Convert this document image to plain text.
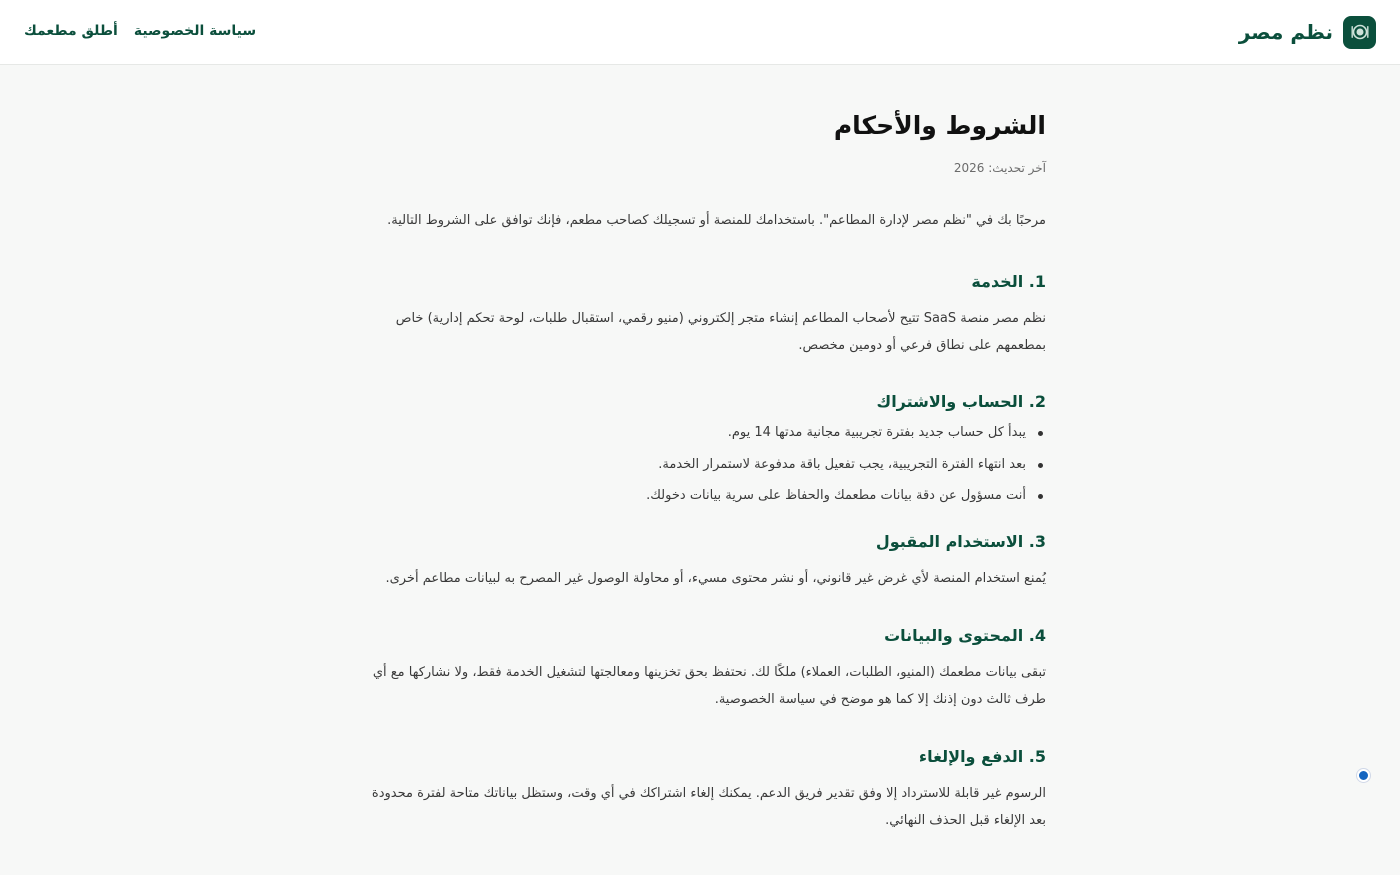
نظم مصر
سياسة الخصوصية
أطلق مطعمك
الشروط والأحكام

آخر تحديث: 2026

مرحبًا بك في "نظم مصر لإدارة المطاعم". باستخدامك للمنصة أو تسجيلك كصاحب مطعم، فإنك توافق على الشروط التالية.

1. الخدمة

نظم مصر منصة SaaS تتيح لأصحاب المطاعم إنشاء متجر إلكتروني (منيو رقمي، استقبال طلبات، لوحة تحكم إدارية) خاص بمطعمهم على نطاق فرعي أو دومين مخصص.

2. الحساب والاشتراك
يبدأ كل حساب جديد بفترة تجريبية مجانية مدتها 14 يوم.
بعد انتهاء الفترة التجريبية، يجب تفعيل باقة مدفوعة لاستمرار الخدمة.
أنت مسؤول عن دقة بيانات مطعمك والحفاظ على سرية بيانات دخولك.
3. الاستخدام المقبول

يُمنع استخدام المنصة لأي غرض غير قانوني، أو نشر محتوى مسيء، أو محاولة الوصول غير المصرح به لبيانات مطاعم أخرى.

4. المحتوى والبيانات

تبقى بيانات مطعمك (المنيو، الطلبات، العملاء) ملكًا لك. نحتفظ بحق تخزينها ومعالجتها لتشغيل الخدمة فقط، ولا نشاركها مع أي طرف ثالث دون إذنك إلا كما هو موضح في سياسة الخصوصية.

5. الدفع والإلغاء

الرسوم غير قابلة للاسترداد إلا وفق تقدير فريق الدعم. يمكنك إلغاء اشتراكك في أي وقت، وستظل بياناتك متاحة لفترة محدودة بعد الإلغاء قبل الحذف النهائي.
